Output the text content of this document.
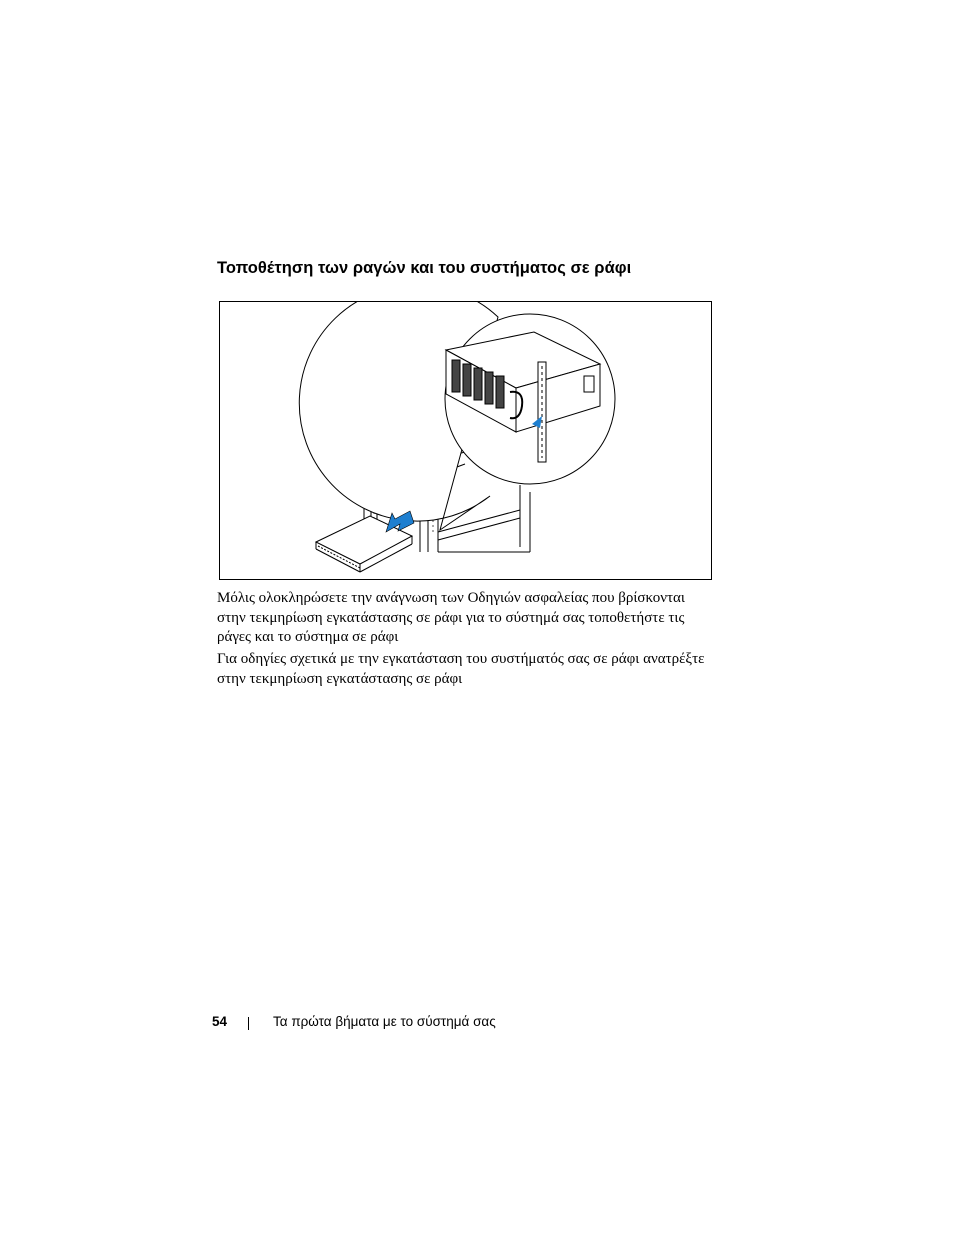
Τοποθέτηση των ραγών και του συστήματος σε ράφι

Μόλις ολοκληρώσετε την ανάγνωση των Οδηγιών ασφαλείας που βρίσκονται
στην τεκμηρίωση εγκατάστασης σε ράφι για το σύστημά σας τοποθετήστε τις
ράγες και το σύστημα σε ράφι

Για οδηγίες σχετικά με την εγκατάσταση του συστήματός σας σε ράφι ανατρέξτε
στην τεκμηρίωση εγκατάστασης σε ράφι

54	Τα πρώτα βήματα με το σύστημά σας
